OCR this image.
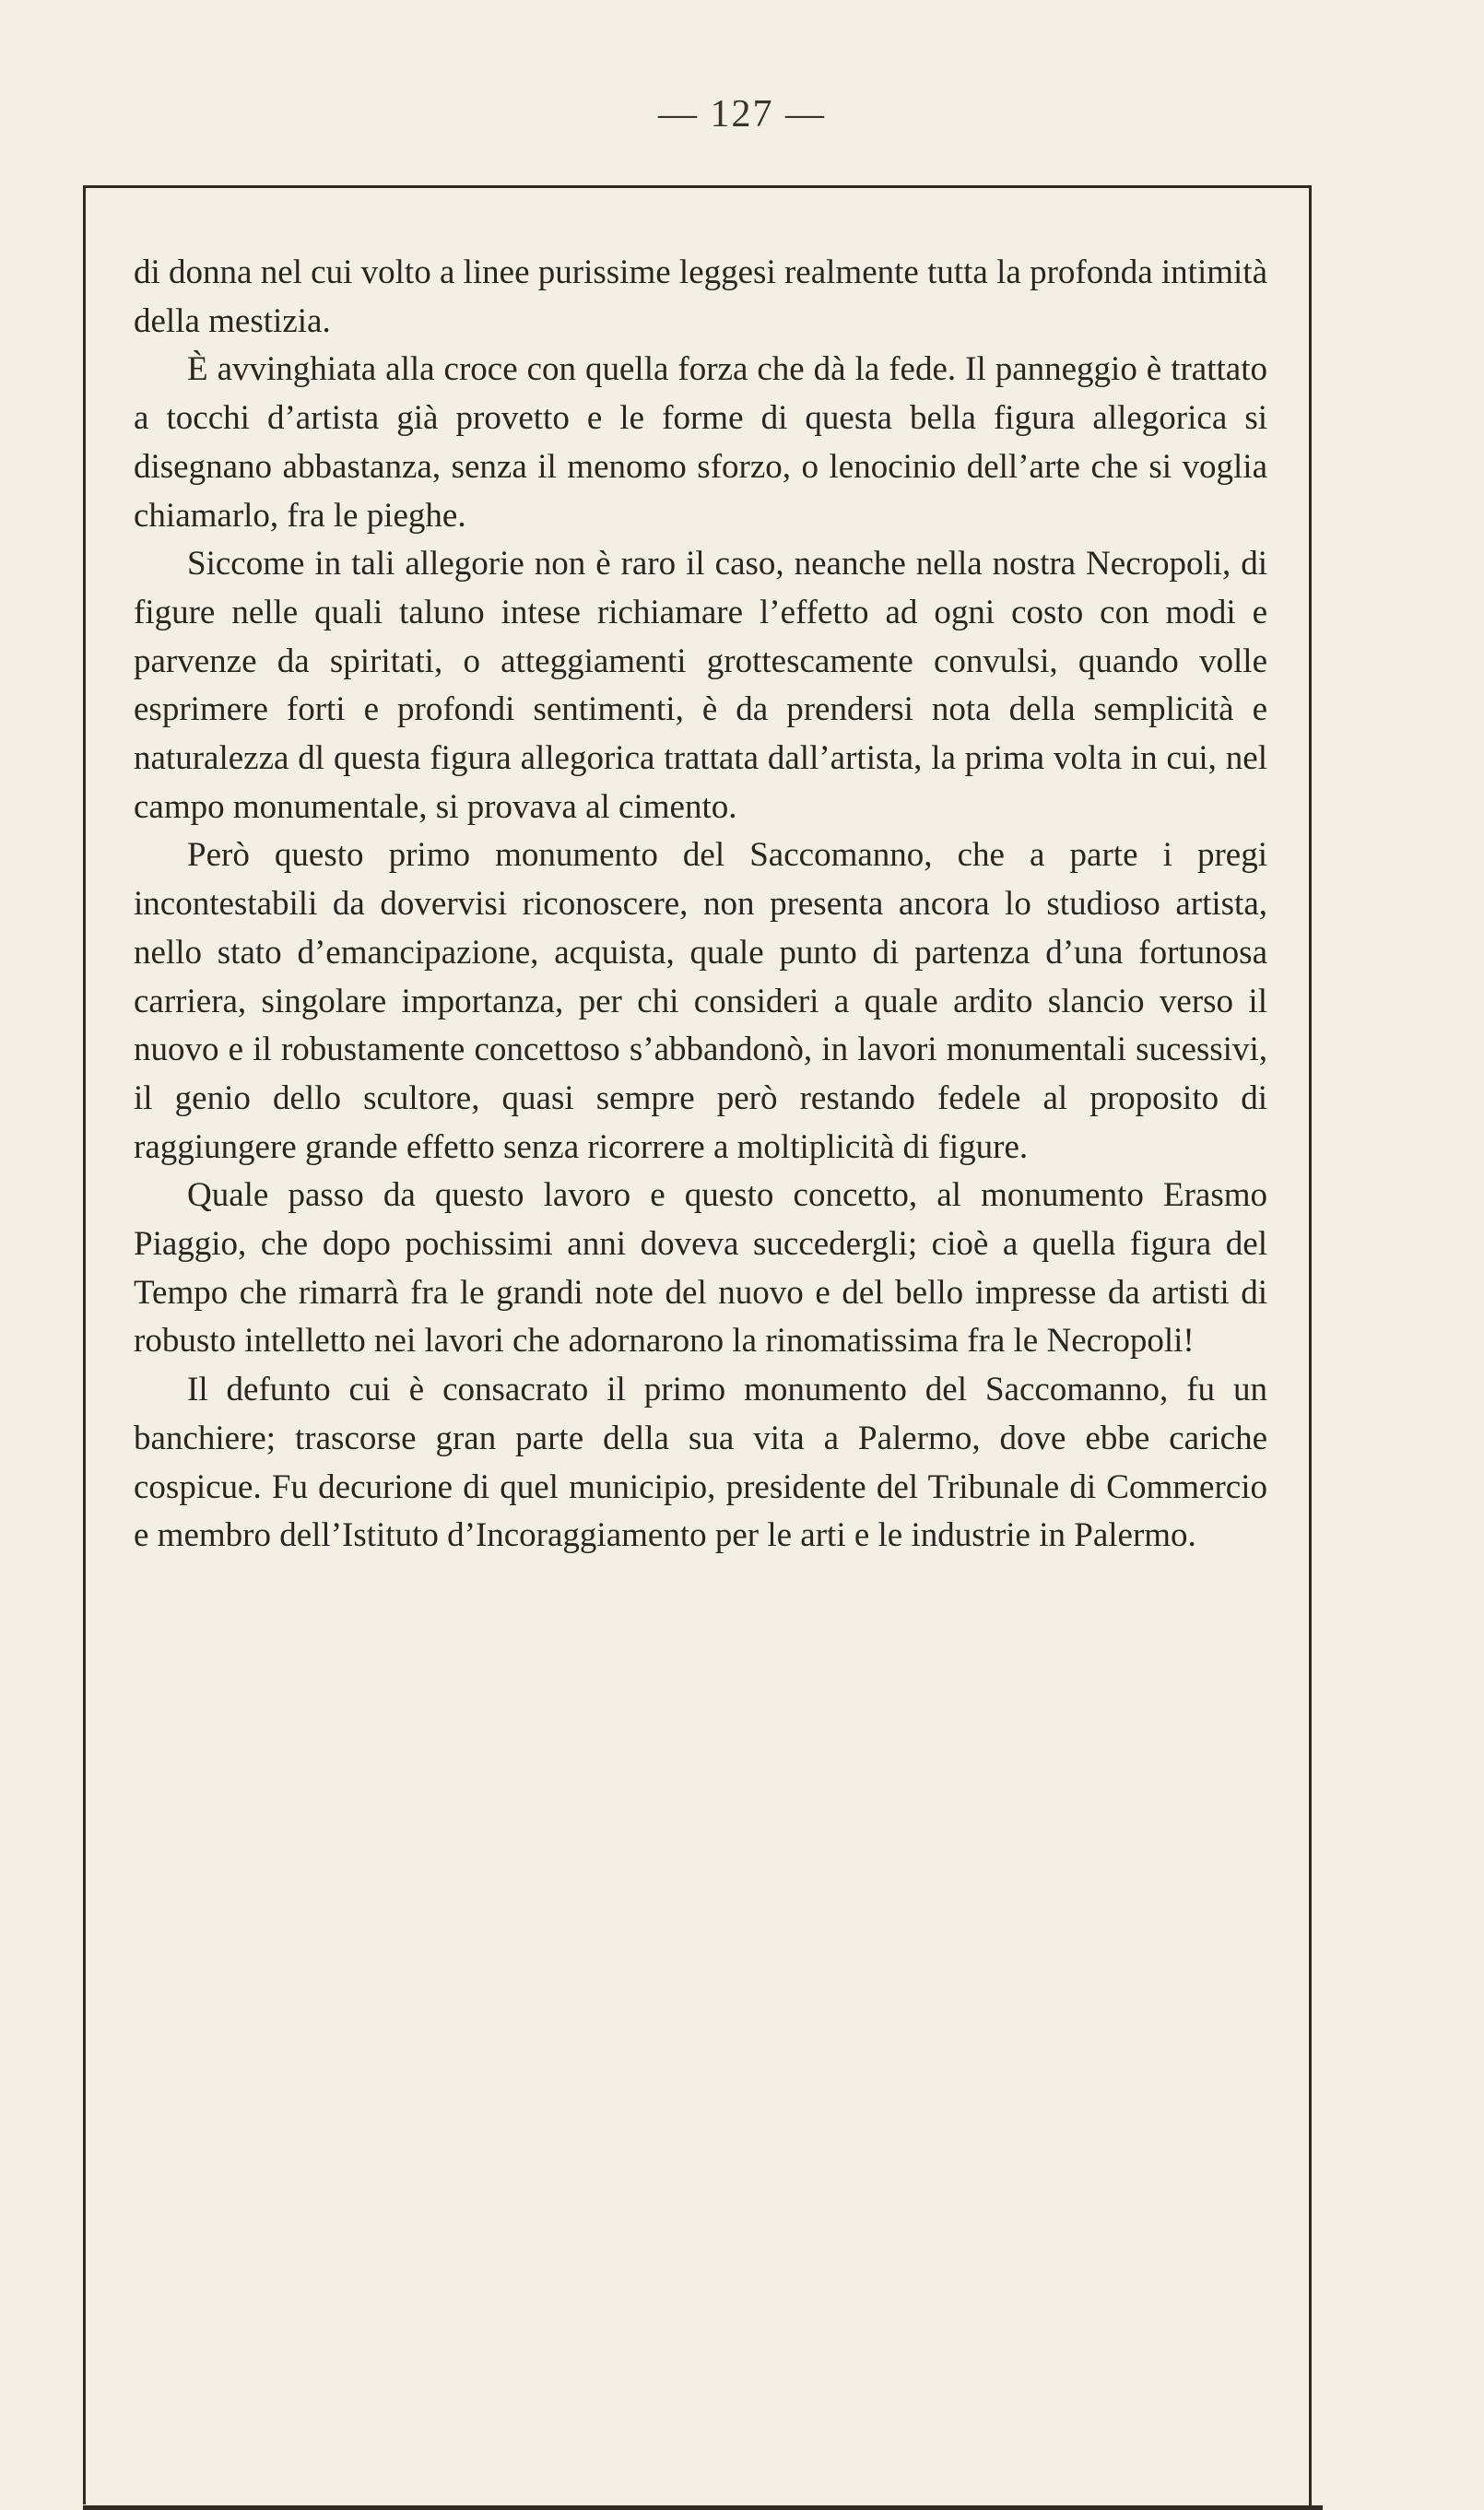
— 127 —

di donna nel cui volto a linee purissime leggesi realmente tutta la profonda intimità della mestizia.

È avvinghiata alla croce con quella forza che dà la fede. Il panneggio è trattato a tocchi d’artista già provetto e le forme di questa bella figura allegorica si disegnano abbastanza, senza il menomo sforzo, o lenocinio dell’arte che si voglia chiamarlo, fra le pieghe.

Siccome in tali allegorie non è raro il caso, neanche nella nostra Necropoli, di figure nelle quali taluno intese richiamare l’effetto ad ogni costo con modi e parvenze da spiritati, o atteggiamenti grottescamente convulsi, quando volle esprimere forti e profondi sentimenti, è da prendersi nota della semplicità e naturalezza dl questa figura allegorica trattata dall’artista, la prima volta in cui, nel campo monumentale, si provava al cimento.

Però questo primo monumento del Saccomanno, che a parte i pregi incontestabili da dovervisi riconoscere, non presenta ancora lo studioso artista, nello stato d’emancipazione, acquista, quale punto di partenza d’una fortunosa carriera, singolare importanza, per chi consideri a quale ardito slancio verso il nuovo e il robustamente concettoso s’abbandonò, in lavori monumentali sucessivi, il genio dello scultore, quasi sempre però restando fedele al proposito di raggiungere grande effetto senza ricorrere a moltiplicità di figure.

Quale passo da questo lavoro e questo concetto, al monumento Erasmo Piaggio, che dopo pochissimi anni doveva succedergli; cioè a quella figura del Tempo che rimarrà fra le grandi note del nuovo e del bello impresse da artisti di robusto intelletto nei lavori che adornarono la rinomatissima fra le Necropoli!

Il defunto cui è consacrato il primo monumento del Saccomanno, fu un banchiere; trascorse gran parte della sua vita a Palermo, dove ebbe cariche cospicue. Fu decurione di quel municipio, presidente del Tribunale di Commercio e membro dell’Istituto d’Incoraggiamento per le arti e le industrie in Palermo.
